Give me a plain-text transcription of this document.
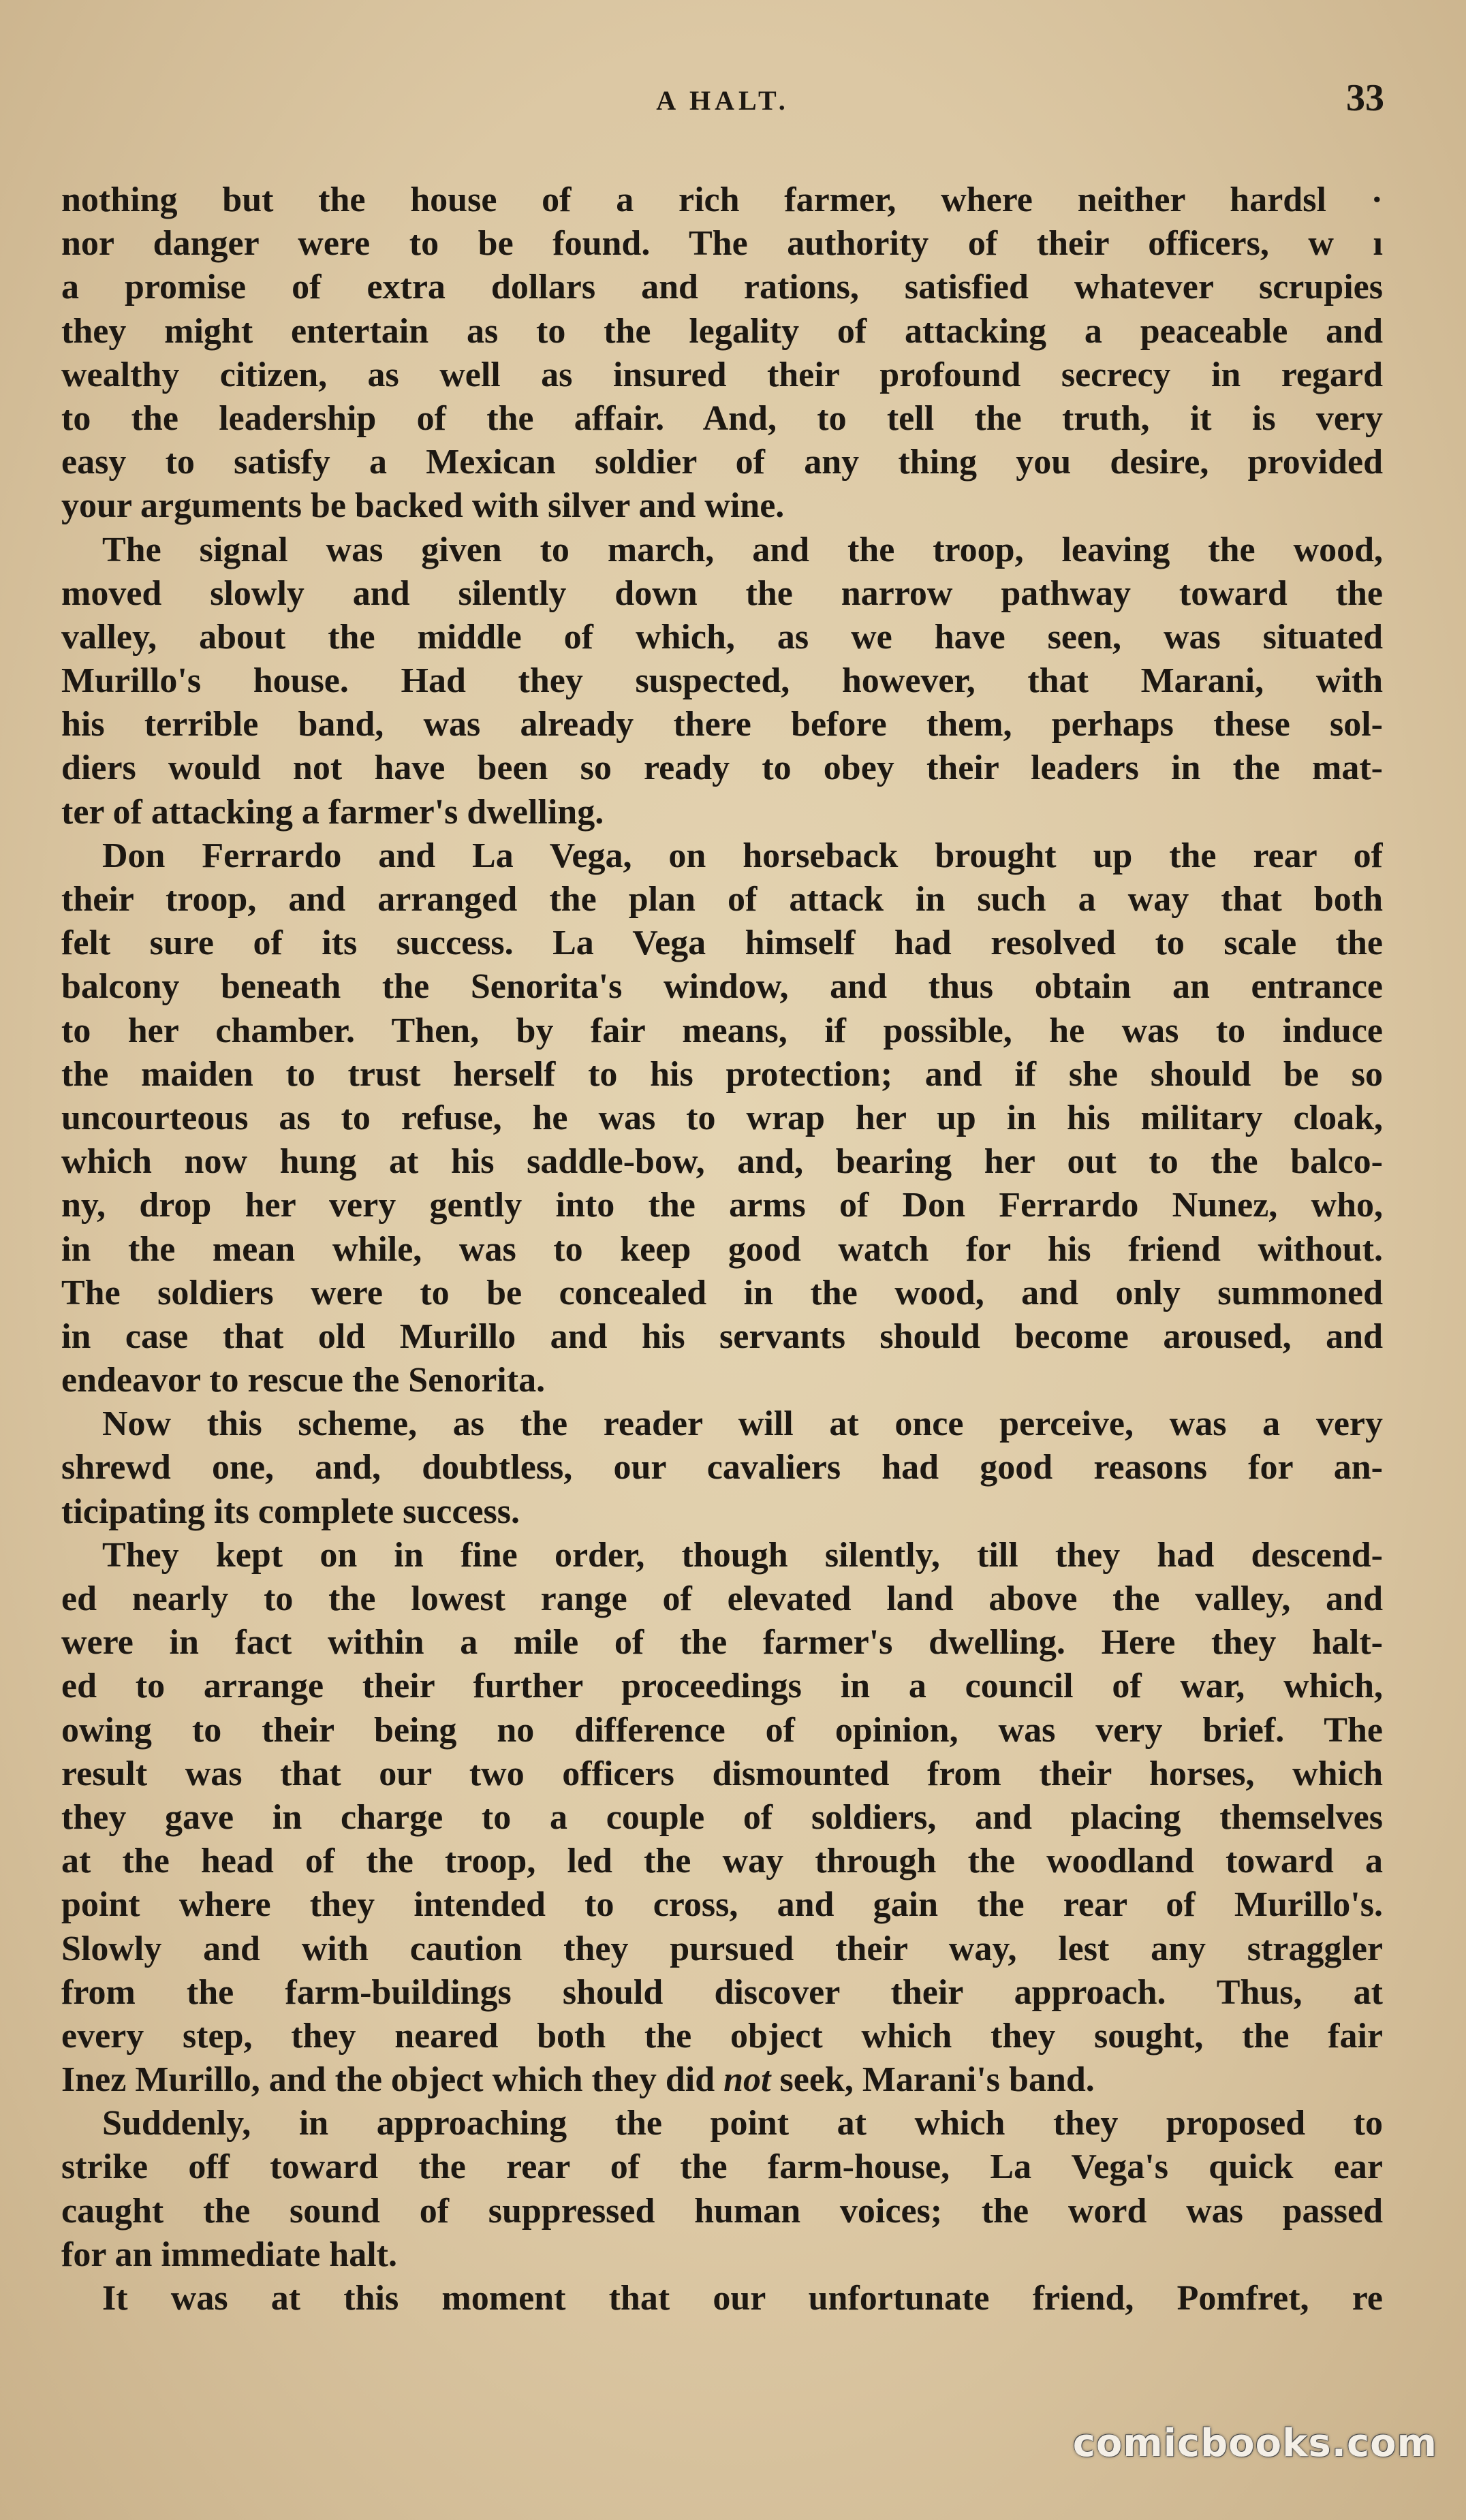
A HALT.	33
nothing but the house of a rich farmer, where neither hardsl ·
nor danger were to be found. The authority of their officers, w ı
a promise of extra dollars and rations, satisfied whatever scrupies
they might entertain as to the legality of attacking a peaceable and
wealthy citizen, as well as insured their profound secrecy in regard
to the leadership of the affair. And, to tell the truth, it is very
easy to satisfy a Mexican soldier of any thing you desire, provided
your arguments be backed with silver and wine.
The signal was given to march, and the troop, leaving the wood,
moved slowly and silently down the narrow pathway toward the
valley, about the middle of which, as we have seen, was situated
Murillo's house. Had they suspected, however, that Marani, with
his terrible band, was already there before them, perhaps these sol-
diers would not have been so ready to obey their leaders in the mat-
ter of attacking a farmer's dwelling.
Don Ferrardo and La Vega, on horseback brought up the rear of
their troop, and arranged the plan of attack in such a way that both
felt sure of its success. La Vega himself had resolved to scale the
balcony beneath the Senorita's window, and thus obtain an entrance
to her chamber. Then, by fair means, if possible, he was to induce
the maiden to trust herself to his protection; and if she should be so
uncourteous as to refuse, he was to wrap her up in his military cloak,
which now hung at his saddle-bow, and, bearing her out to the balco-
ny, drop her very gently into the arms of Don Ferrardo Nunez, who,
in the mean while, was to keep good watch for his friend without.
The soldiers were to be concealed in the wood, and only summoned
in case that old Murillo and his servants should become aroused, and
endeavor to rescue the Senorita.
Now this scheme, as the reader will at once perceive, was a very
shrewd one, and, doubtless, our cavaliers had good reasons for an-
ticipating its complete success.
They kept on in fine order, though silently, till they had descend-
ed nearly to the lowest range of elevated land above the valley, and
were in fact within a mile of the farmer's dwelling. Here they halt-
ed to arrange their further proceedings in a council of war, which,
owing to their being no difference of opinion, was very brief. The
result was that our two officers dismounted from their horses, which
they gave in charge to a couple of soldiers, and placing themselves
at the head of the troop, led the way through the woodland toward a
point where they intended to cross, and gain the rear of Murillo's.
Slowly and with caution they pursued their way, lest any straggler
from the farm-buildings should discover their approach. Thus, at
every step, they neared both the object which they sought, the fair
Inez Murillo, and the object which they did not seek, Marani's band.
Suddenly, in approaching the point at which they proposed to
strike off toward the rear of the farm-house, La Vega's quick ear
caught the sound of suppressed human voices; the word was passed
for an immediate halt.
It was at this moment that our unfortunate friend, Pomfret, re
comicbooks.com
